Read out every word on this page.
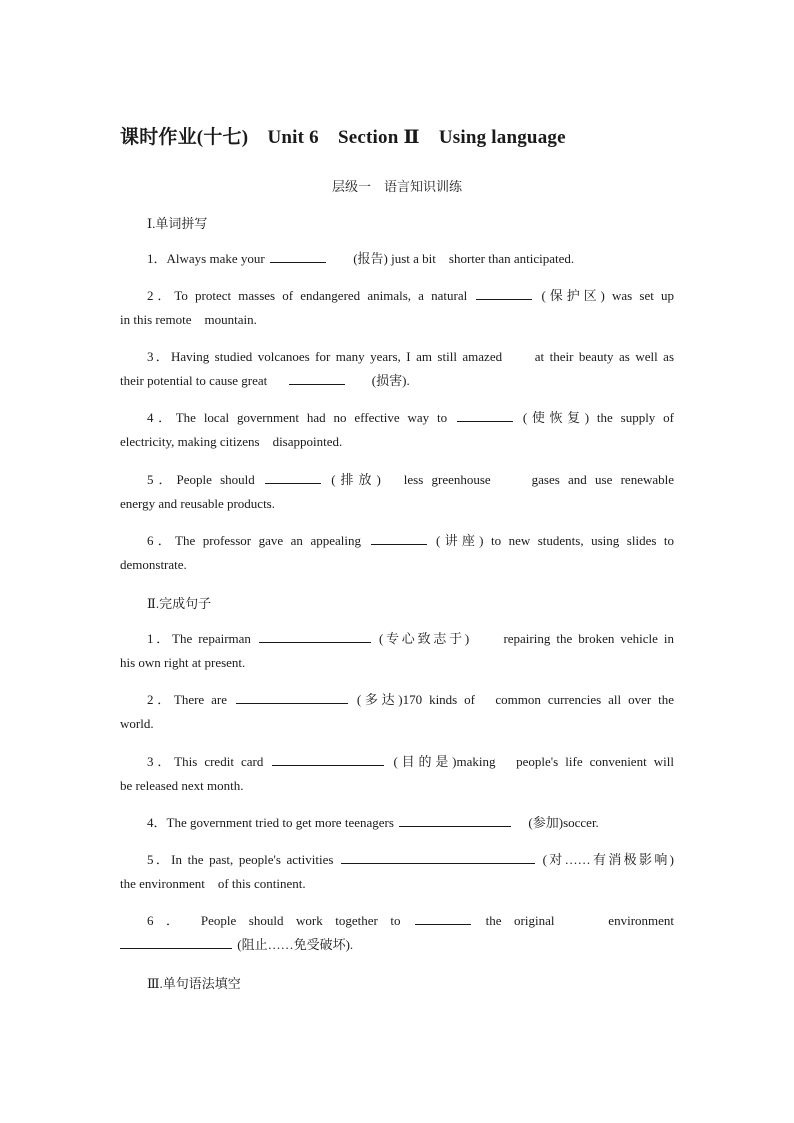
课时作业(十七)　Unit 6　Section Ⅱ　Using language
层级一　语言知识训练
Ⅰ.单词拼写
1．Always make your	(报告) just a bit　shorter than anticipated.
2．To protect masses of endangered animals, a natural	(保护区) was set up
in this remote　mountain.
3．Having studied volcanoes for many years, I am still amazed　　at their beauty as well as
their potential to cause great	(损害).
4．The local government had no effective way to	(使恢复) the supply of
electricity, making citizens　disappointed.
5．People should	(排放)　less greenhouse　　gases and use renewable
energy and reusable products.
6．The professor gave an appealing	(讲座) to new students, using slides to
demonstrate.
Ⅱ.完成句子
1．The repairman	(专心致志于)　　repairing the broken vehicle in
his own right at present.
2．There are	(多达)170 kinds of　common currencies all over the
world.
3．This credit card	(目的是)making　people's life convenient will
be released next month.
4．The government tried to get more teenagers	(参加)soccer.
5．In the past, people's activities	(对……有消极影响)
the environment　of this continent.
6 ． People should work together to	the original　　environment
(阻止……免受破坏).
Ⅲ.单句语法填空
